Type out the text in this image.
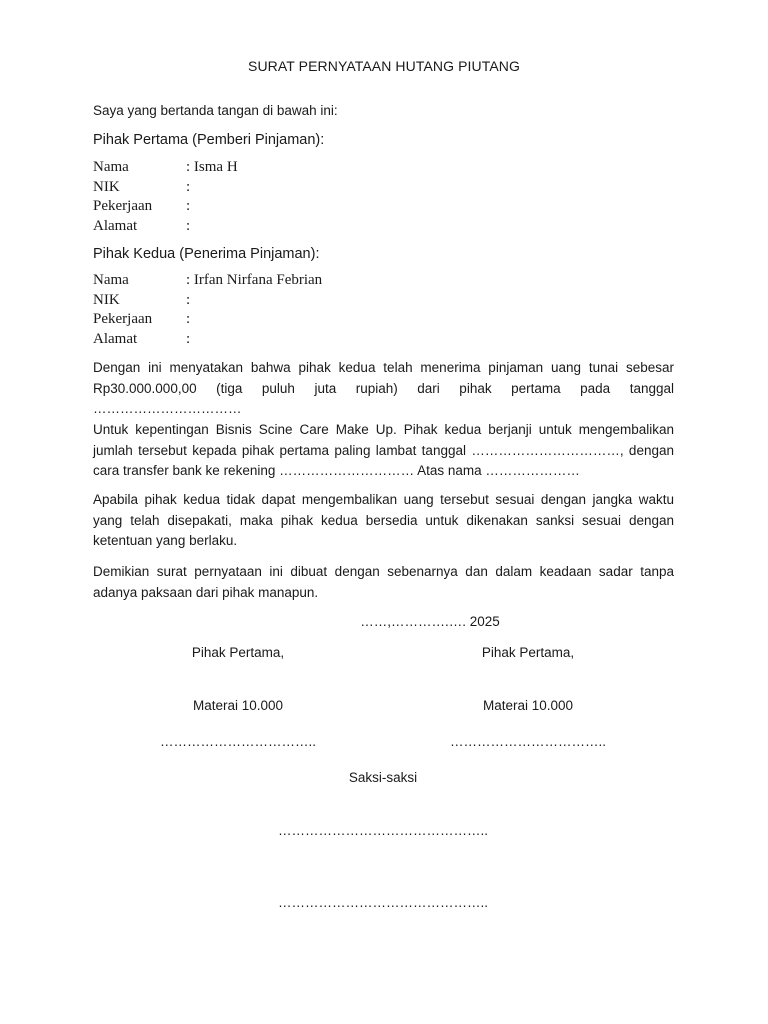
SURAT PERNYATAAN HUTANG PIUTANG
Saya yang bertanda tangan di bawah ini:
Pihak Pertama (Pemberi Pinjaman):
Nama	: Isma H
NIK	:
Pekerjaan	:
Alamat	:
Pihak Kedua (Penerima Pinjaman):
Nama	: Irfan Nirfana Febrian
NIK	:
Pekerjaan	:
Alamat	:
Dengan ini menyatakan bahwa pihak kedua telah menerima pinjaman uang tunai sebesar Rp30.000.000,00 (tiga puluh juta rupiah) dari pihak pertama pada tanggal ……………………………
Untuk kepentingan Bisnis Scine Care Make Up. Pihak kedua berjanji untuk mengembalikan jumlah tersebut kepada pihak pertama paling lambat tanggal ……………………………, dengan cara transfer bank ke rekening ………………………… Atas nama …………………
Apabila pihak kedua tidak dapat mengembalikan uang tersebut sesuai dengan jangka waktu yang telah disepakati, maka pihak kedua bersedia untuk dikenakan sanksi sesuai dengan ketentuan yang berlaku.
Demikian surat pernyataan ini dibuat dengan sebenarnya dan dalam keadaan sadar tanpa adanya paksaan dari pihak manapun.
……,………….…. 2025
Pihak Pertama,	Pihak Pertama,
Materai 10.000	Materai 10.000
……………………………..	……………………………..
Saksi-saksi
………………………………………..
………………………………………..
